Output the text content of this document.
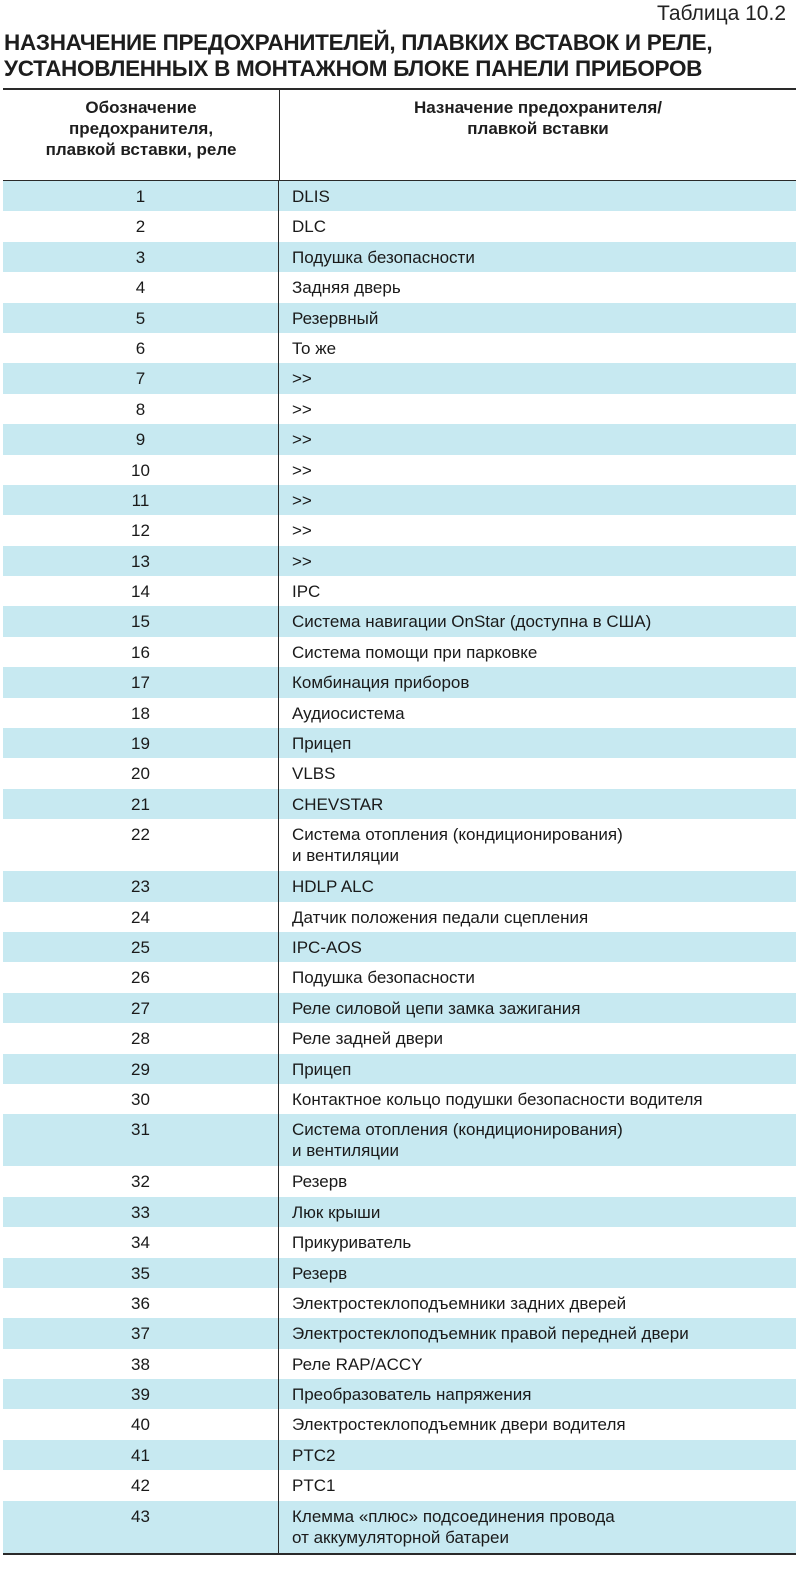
Таблица 10.2
НАЗНАЧЕНИЕ ПРЕДОХРАНИТЕЛЕЙ, ПЛАВКИХ ВСТАВОК И РЕЛЕ,
УСТАНОВЛЕННЫХ В МОНТАЖНОМ БЛОКЕ ПАНЕЛИ ПРИБОРОВ
Обозначение
предохранителя,
плавкой вставки, реле
Назначение предохранителя/
плавкой вставки
1	DLIS
2	DLC
3	Подушка безопасности
4	Задняя дверь
5	Резервный
6	То же
7	>>
8	>>
9	>>
10	>>
11	>>
12	>>
13	>>
14	IPC
15	Система навигации OnStar (доступна в США)
16	Система помощи при парковке
17	Комбинация приборов
18	Аудиосистема
19	Прицеп
20	VLBS
21	CHEVSTAR
22	Система отопления (кондиционирования)
и вентиляции
23	HDLP ALC
24	Датчик положения педали сцепления
25	IPC-AOS
26	Подушка безопасности
27	Реле силовой цепи замка зажигания
28	Реле задней двери
29	Прицеп
30	Контактное кольцо подушки безопасности водителя
31	Система отопления (кондиционирования)
и вентиляции
32	Резерв
33	Люк крыши
34	Прикуриватель
35	Резерв
36	Электростеклоподъемники задних дверей
37	Электростеклоподъемник правой передней двери
38	Реле RAP/ACCY
39	Преобразователь напряжения
40	Электростеклоподъемник двери водителя
41	PTC2
42	PTC1
43	Клемма «плюс» подсоединения провода
от аккумуляторной батареи
